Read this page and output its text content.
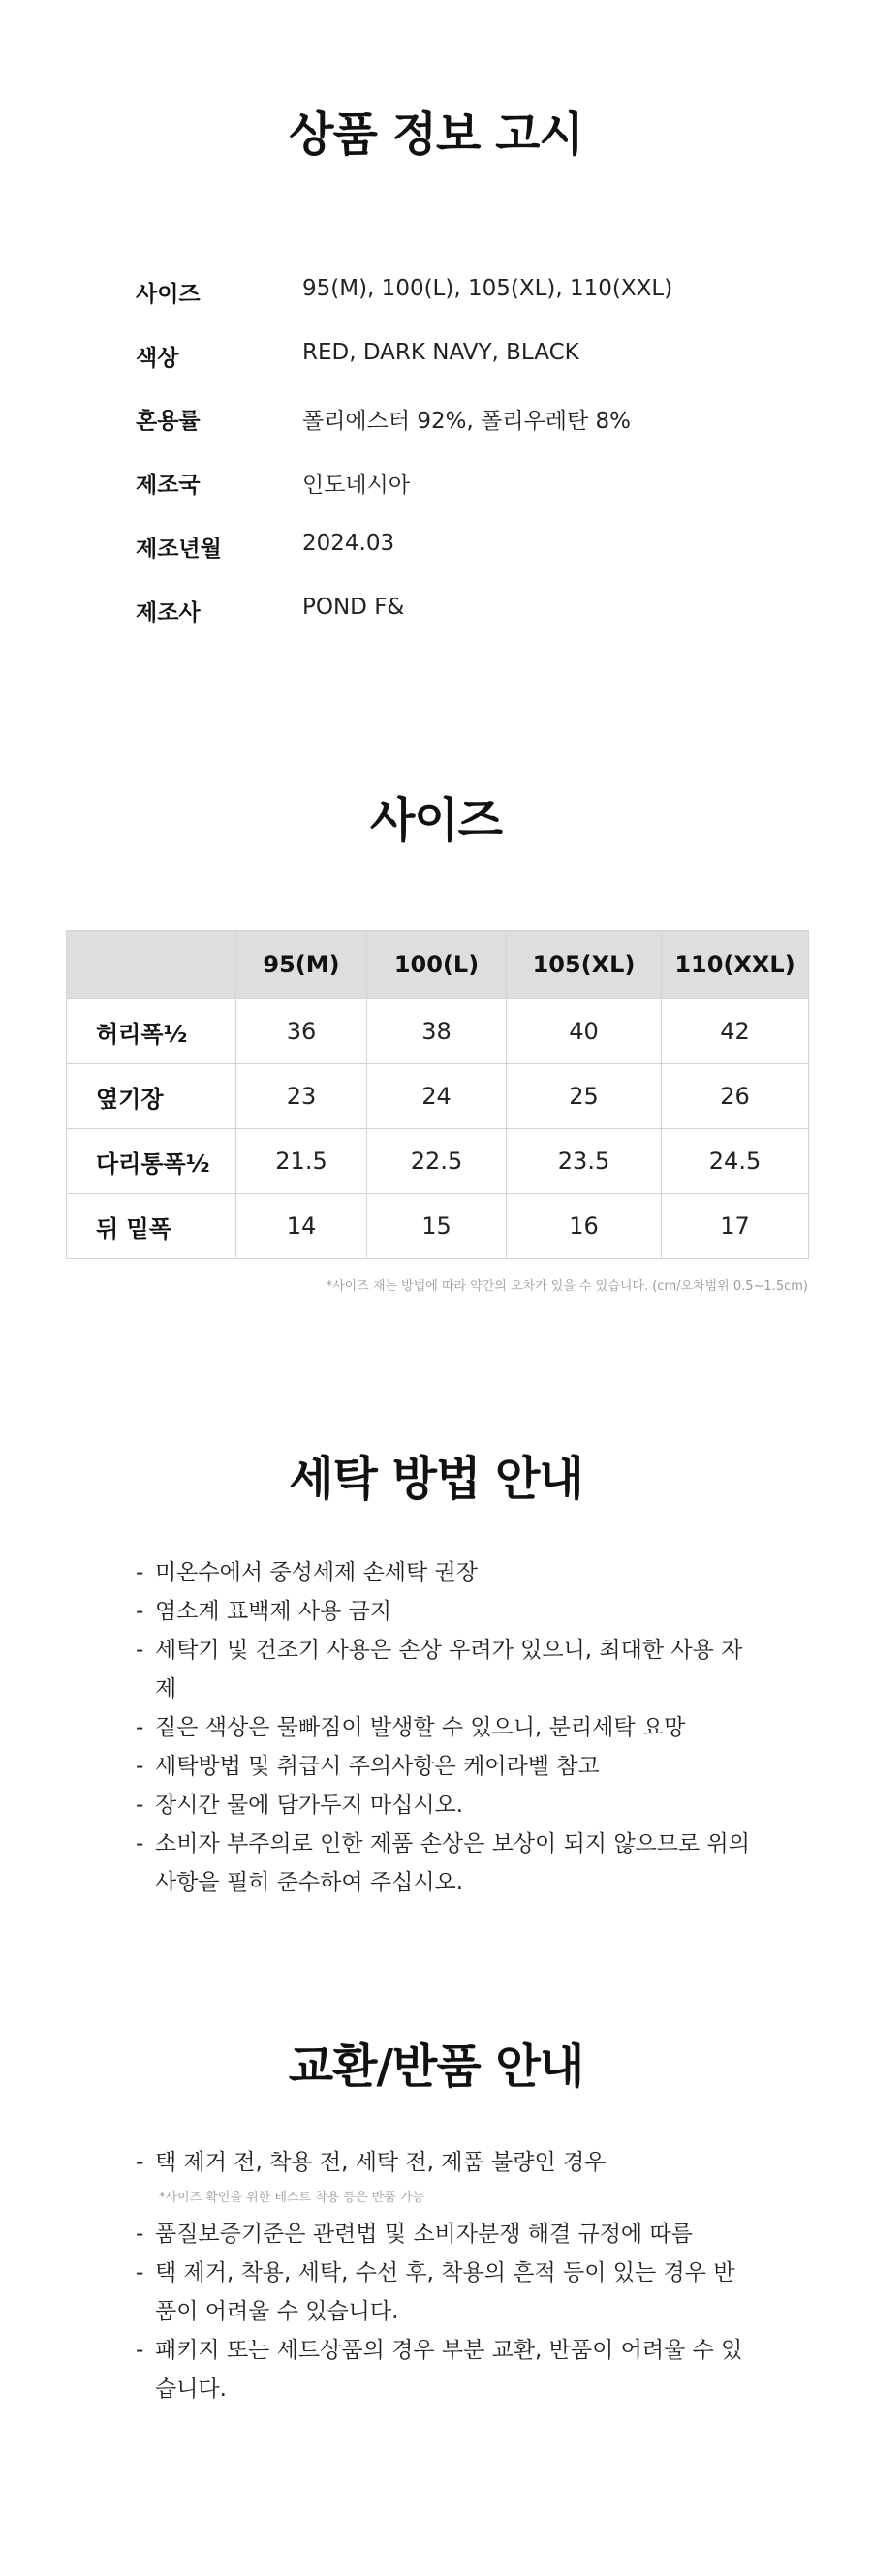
상품 정보 고시
사이즈	95(M), 100(L), 105(XL), 110(XXL)
색상	RED, DARK NAVY, BLACK
혼용률	폴리에스터 92%, 폴리우레탄 8%
제조국	인도네시아
제조년월	2024.03
제조사	POND F&
사이즈
	95(M)	100(L)	105(XL)	110(XXL)
허리폭½	36	38	40	42
옆기장	23	24	25	26
다리통폭½	21.5	22.5	23.5	24.5
뒤 밑폭	14	15	16	17
*사이즈 재는 방법에 따라 약간의 오차가 있을 수 있습니다. (cm/오차범위 0.5~1.5cm)
세탁 방법 안내
- 미온수에서 중성세제 손세탁 권장
- 염소계 표백제 사용 금지
- 세탁기 및 건조기 사용은 손상 우려가 있으니, 최대한 사용 자제
- 짙은 색상은 물빠짐이 발생할 수 있으니, 분리세탁 요망
- 세탁방법 및 취급시 주의사항은 케어라벨 참고
- 장시간 물에 담가두지 마십시오.
- 소비자 부주의로 인한 제품 손상은 보상이 되지 않으므로 위의 사항을 필히 준수하여 주십시오.
교환/반품 안내
- 택 제거 전, 착용 전, 세탁 전, 제품 불량인 경우
*사이즈 확인을 위한 테스트 착용 등은 반품 가능
- 품질보증기준은 관련법 및 소비자분쟁 해결 규정에 따름
- 택 제거, 착용, 세탁, 수선 후, 착용의 흔적 등이 있는 경우 반품이 어려울 수 있습니다.
- 패키지 또는 세트상품의 경우 부분 교환, 반품이 어려울 수 있습니다.
